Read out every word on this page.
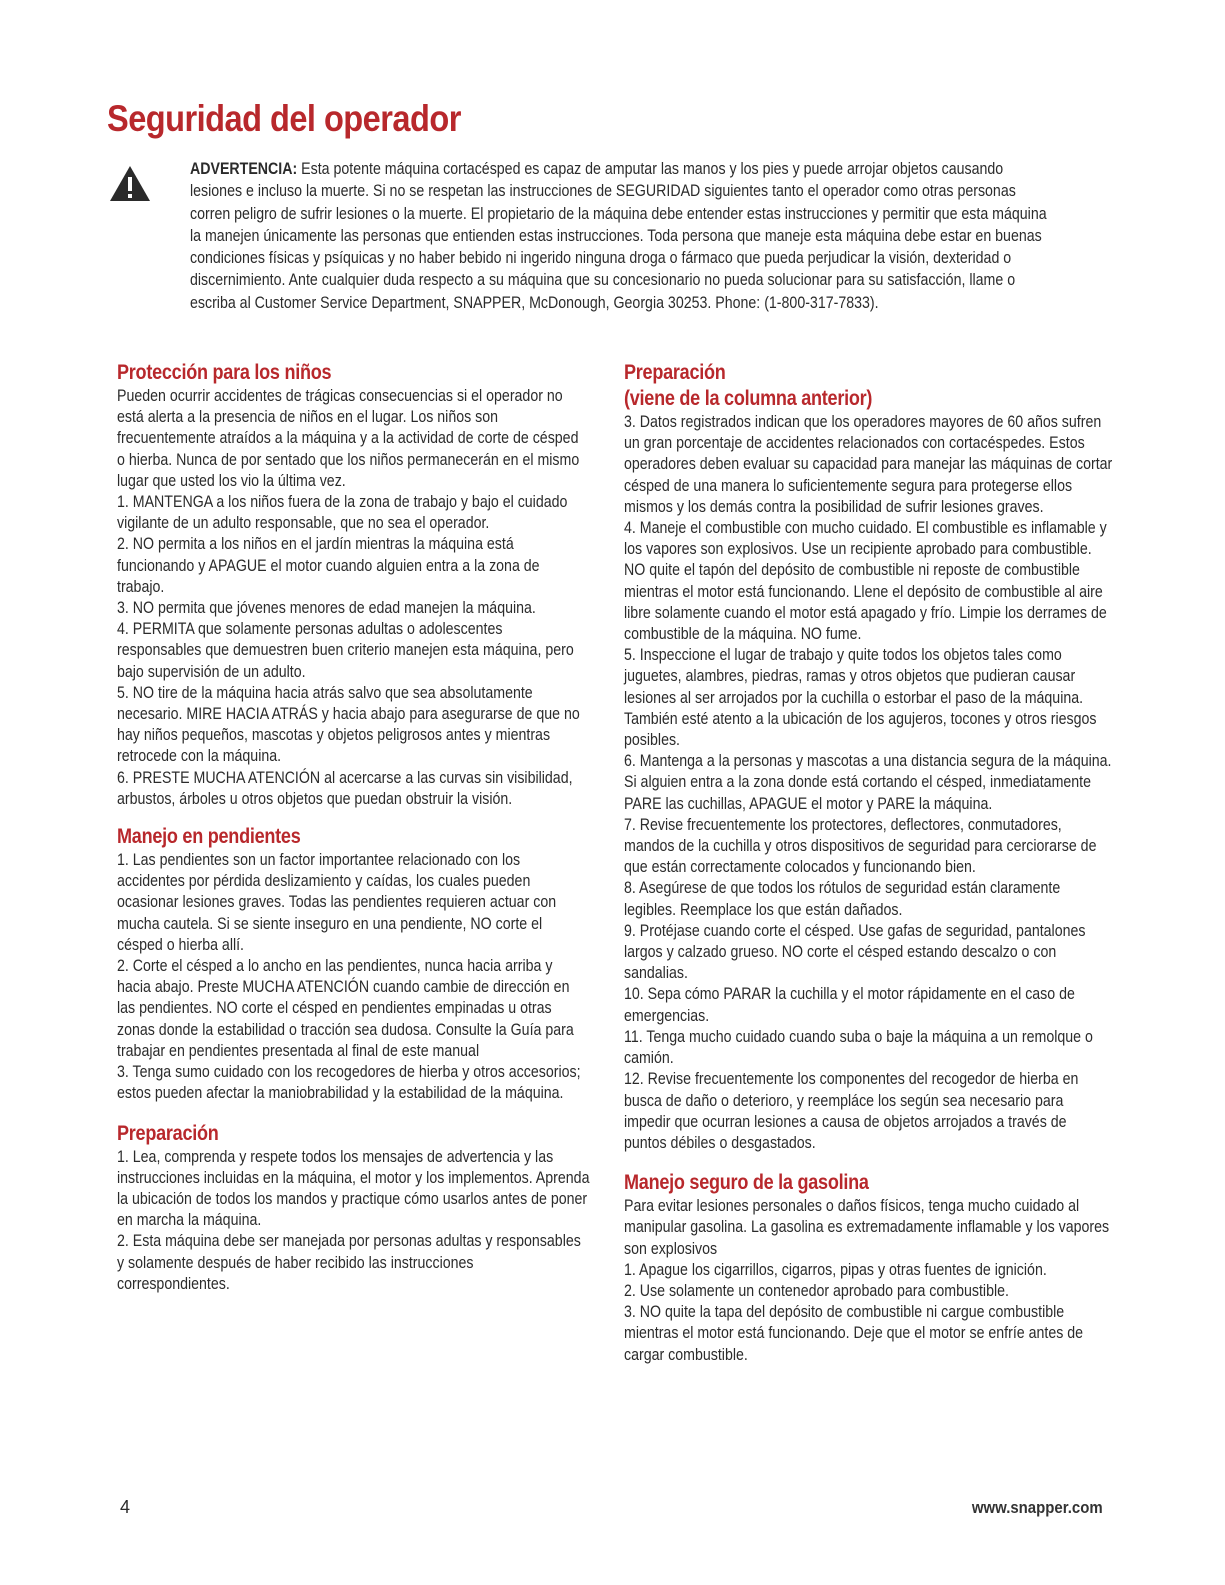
Seguridad del operador

ADVERTENCIA: Esta potente máquina cortacésped es capaz de amputar las manos y los pies y puede arrojar objetos causando lesiones e incluso la muerte. Si no se respetan las instrucciones de SEGURIDAD siguientes tanto el operador como otras personas corren peligro de sufrir lesiones o la muerte. El propietario de la máquina debe entender estas instrucciones y permitir que esta máquina la manejen únicamente las personas que entienden estas instrucciones. Toda persona que maneje esta máquina debe estar en buenas condiciones físicas y psíquicas y no haber bebido ni ingerido ninguna droga o fármaco que pueda perjudicar la visión, dexteridad o discernimiento. Ante cualquier duda respecto a su máquina que su concesionario no pueda solucionar para su satisfacción, llame o escriba al Customer Service Department, SNAPPER, McDonough, Georgia 30253. Phone: (1-800-317-7833).

Protección para los niños

Pueden ocurrir accidentes de trágicas consecuencias si el operador no está alerta a la presencia de niños en el lugar. Los niños son frecuentemente atraídos a la máquina y a la actividad de corte de césped o hierba. Nunca de por sentado que los niños permanecerán en el mismo lugar que usted los vio la última vez.

1. MANTENGA a los niños fuera de la zona de trabajo y bajo el cuidado vigilante de un adulto responsable, que no sea el operador.

2. NO permita a los niños en el jardín mientras la máquina está funcionando y APAGUE el motor cuando alguien entra a la zona de trabajo.

3. NO permita que jóvenes menores de edad manejen la máquina.

4. PERMITA que solamente personas adultas o adolescentes responsables que demuestren buen criterio manejen esta máquina, pero bajo supervisión de un adulto.

5. NO tire de la máquina hacia atrás salvo que sea absolutamente necesario. MIRE HACIA ATRÁS y hacia abajo para asegurarse de que no hay niños pequeños, mascotas y objetos peligrosos antes y mientras retrocede con la máquina.

6. PRESTE MUCHA ATENCIÓN al acercarse a las curvas sin visibilidad, arbustos, árboles u otros objetos que puedan obstruir la visión.

Manejo en pendientes

1. Las pendientes son un factor importantee relacionado con los accidentes por pérdida deslizamiento y caídas, los cuales pueden ocasionar lesiones graves. Todas las pendientes requieren actuar con mucha cautela. Si se siente inseguro en una pendiente, NO corte el césped o hierba allí.

2. Corte el césped a lo ancho en las pendientes, nunca hacia arriba y hacia abajo. Preste MUCHA ATENCIÓN cuando cambie de dirección en las pendientes. NO corte el césped en pendientes empinadas u otras zonas donde la estabilidad o tracción sea dudosa. Consulte la Guía para trabajar en pendientes presentada al final de este manual

3. Tenga sumo cuidado con los recogedores de hierba y otros accesorios; estos pueden afectar la maniobrabilidad y la estabilidad de la máquina.

Preparación

1. Lea, comprenda y respete todos los mensajes de advertencia y las instrucciones incluidas en la máquina, el motor y los implementos. Aprenda la ubicación de todos los mandos y practique cómo usarlos antes de poner en marcha la máquina.

2. Esta máquina debe ser manejada por personas adultas y responsables y solamente después de haber recibido las instrucciones correspondientes.

Preparación
(viene de la columna anterior)

3. Datos registrados indican que los operadores mayores de 60 años sufren un gran porcentaje de accidentes relacionados con cortacéspedes. Estos operadores deben evaluar su capacidad para manejar las máquinas de cortar césped de una manera lo suficientemente segura para protegerse ellos mismos y los demás contra la posibilidad de sufrir lesiones graves.

4. Maneje el combustible con mucho cuidado. El combustible es inflamable y los vapores son explosivos. Use un recipiente aprobado para combustible. NO quite el tapón del depósito de combustible ni reposte de combustible mientras el motor está funcionando. Llene el depósito de combustible al aire libre solamente cuando el motor está apagado y frío. Limpie los derrames de combustible de la máquina. NO fume.

5. Inspeccione el lugar de trabajo y quite todos los objetos tales como juguetes, alambres, piedras, ramas y otros objetos que pudieran causar lesiones al ser arrojados por la cuchilla o estorbar el paso de la máquina. También esté atento a la ubicación de los agujeros, tocones y otros riesgos posibles.

6. Mantenga a la personas y mascotas a una distancia segura de la máquina. Si alguien entra a la zona donde está cortando el césped, inmediatamente PARE las cuchillas, APAGUE el motor y PARE la máquina.

7. Revise frecuentemente los protectores, deflectores, conmutadores, mandos de la cuchilla y otros dispositivos de seguridad para cerciorarse de que están correctamente colocados y funcionando bien.

8. Asegúrese de que todos los rótulos de seguridad están claramente legibles. Reemplace los que están dañados.

9. Protéjase cuando corte el césped. Use gafas de seguridad, pantalones largos y calzado grueso. NO corte el césped estando descalzo o con sandalias.

10. Sepa cómo PARAR la cuchilla y el motor rápidamente en el caso de emergencias.

11. Tenga mucho cuidado cuando suba o baje la máquina a un remolque o camión.

12. Revise frecuentemente los componentes del recogedor de hierba en busca de daño o deterioro, y reempláce los según sea necesario para impedir que ocurran lesiones a causa de objetos arrojados a través de puntos débiles o desgastados.

Manejo seguro de la gasolina

Para evitar lesiones personales o daños físicos, tenga mucho cuidado al manipular gasolina. La gasolina es extremadamente inflamable y los vapores son explosivos

1. Apague los cigarrillos, cigarros, pipas y otras fuentes de ignición.

2. Use solamente un contenedor aprobado para combustible.

3. NO quite la tapa del depósito de combustible ni cargue combustible mientras el motor está funcionando. Deje que el motor se enfríe antes de cargar combustible.

4	www.snapper.com
